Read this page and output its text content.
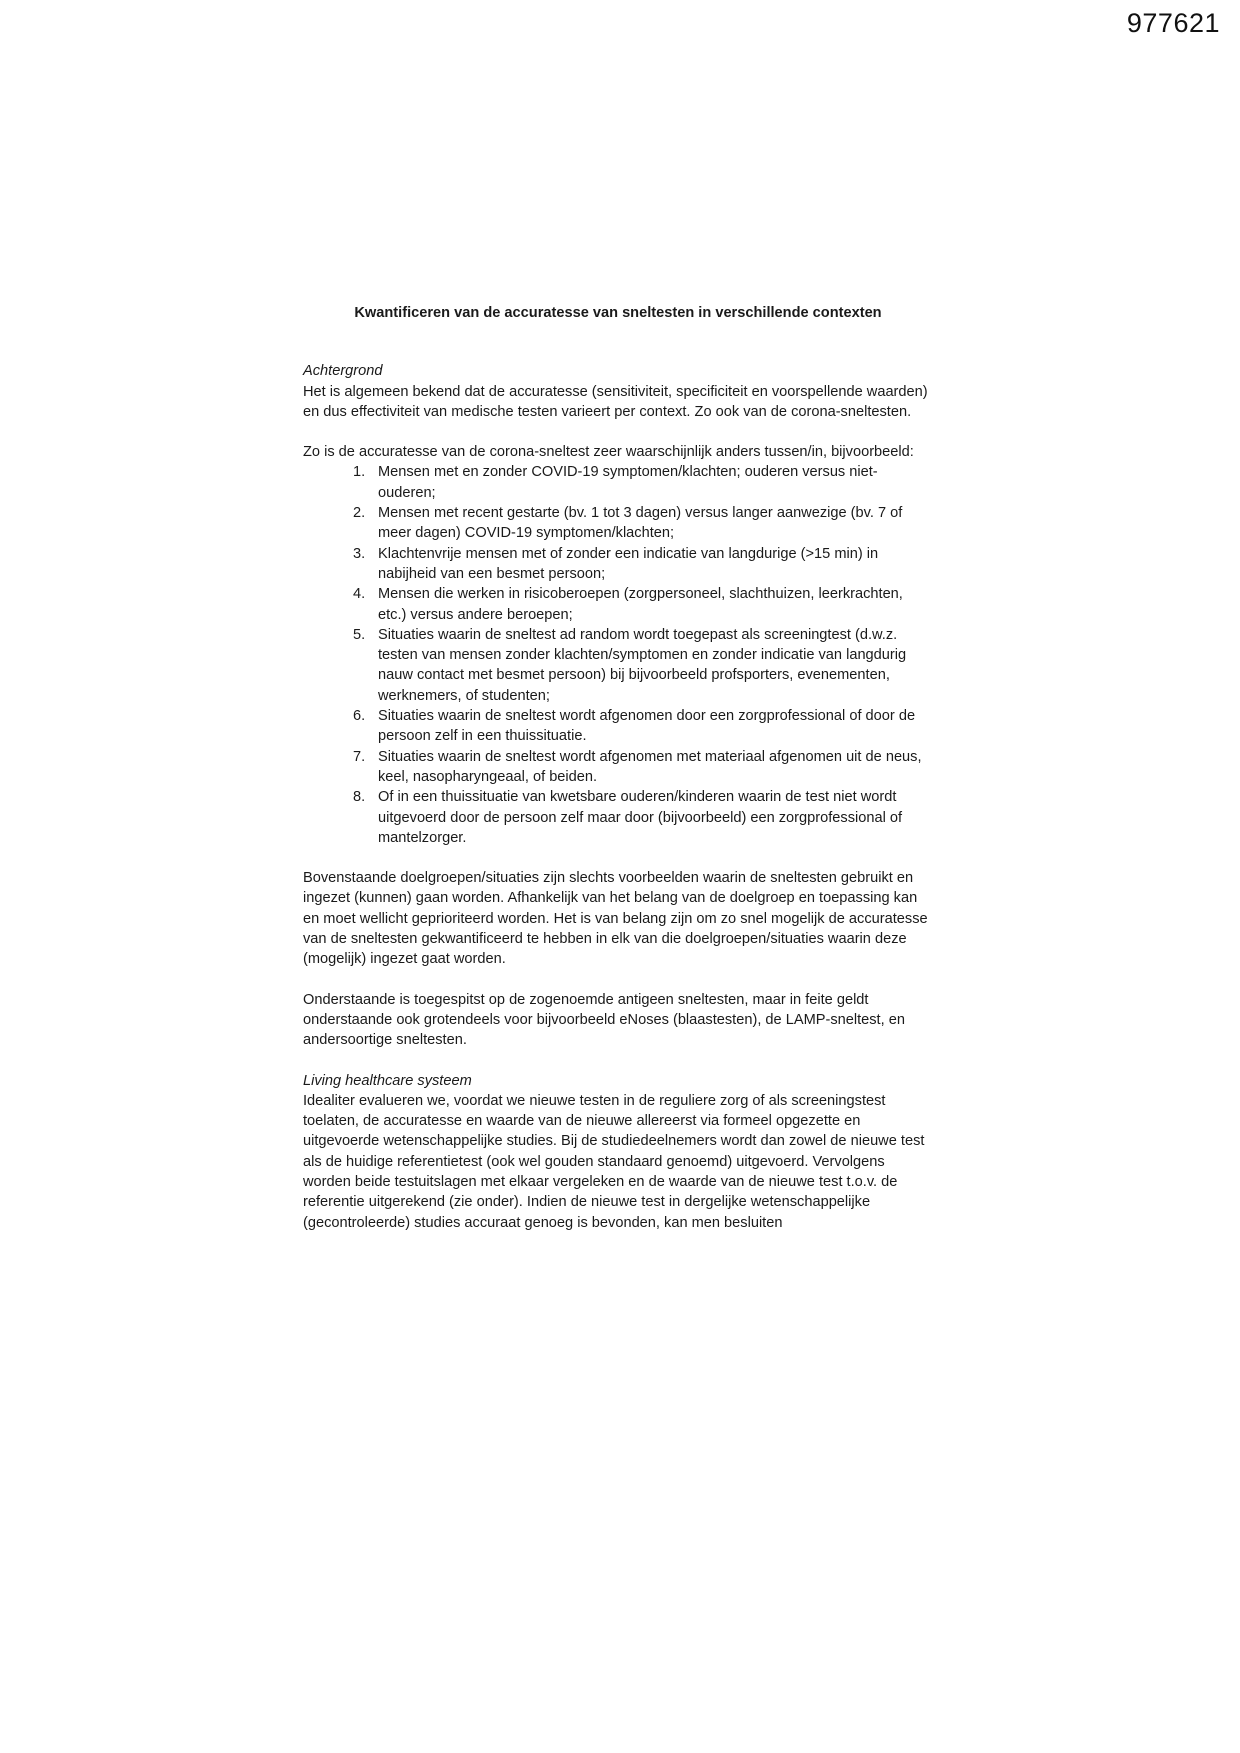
977621

Kwantificeren van de accuratesse van sneltesten in verschillende contexten

Achtergrond

Het is algemeen bekend dat de accuratesse (sensitiviteit, specificiteit en voorspellende waarden) en dus effectiviteit van medische testen varieert per context. Zo ook van de corona-sneltesten.

Zo is de accuratesse van de corona-sneltest zeer waarschijnlijk anders tussen/in, bijvoorbeeld:

1. Mensen met en zonder COVID-19 symptomen/klachten; ouderen versus niet-ouderen;
2. Mensen met recent gestarte (bv. 1 tot 3 dagen) versus langer aanwezige (bv. 7 of meer dagen) COVID-19 symptomen/klachten;
3. Klachtenvrije mensen met of zonder een indicatie van langdurige (>15 min) in nabijheid van een besmet persoon;
4. Mensen die werken in risicoberoepen (zorgpersoneel, slachthuizen, leerkrachten, etc.) versus andere beroepen;
5. Situaties waarin de sneltest ad random wordt toegepast als screeningtest (d.w.z. testen van mensen zonder klachten/symptomen en zonder indicatie van langdurig nauw contact met besmet persoon) bij bijvoorbeeld profsporters, evenementen, werknemers, of studenten;
6. Situaties waarin de sneltest wordt afgenomen door een zorgprofessional of door de persoon zelf in een thuissituatie.
7. Situaties waarin de sneltest wordt afgenomen met materiaal afgenomen uit de neus, keel, nasopharyngeaal, of beiden.
8. Of in een thuissituatie van kwetsbare ouderen/kinderen waarin de test niet wordt uitgevoerd door de persoon zelf maar door (bijvoorbeeld) een zorgprofessional of mantelzorger.

Bovenstaande doelgroepen/situaties zijn slechts voorbeelden waarin de sneltesten gebruikt en ingezet (kunnen) gaan worden. Afhankelijk van het belang van de doelgroep en toepassing kan en moet wellicht geprioriteerd worden. Het is van belang zijn om zo snel mogelijk de accuratesse van de sneltesten gekwantificeerd te hebben in elk van die doelgroepen/situaties waarin deze (mogelijk) ingezet gaat worden.

Onderstaande is toegespitst op de zogenoemde antigeen sneltesten, maar in feite geldt onderstaande ook grotendeels voor bijvoorbeeld eNoses (blaastesten), de LAMP-sneltest, en andersoortige sneltesten.

Living healthcare systeem

Idealiter evalueren we, voordat we nieuwe testen in de reguliere zorg of als screeningstest toelaten, de accuratesse en waarde van de nieuwe allereerst via formeel opgezette en uitgevoerde wetenschappelijke studies. Bij de studiedeelnemers wordt dan zowel de nieuwe test als de huidige referentietest (ook wel gouden standaard genoemd) uitgevoerd. Vervolgens worden beide testuitslagen met elkaar vergeleken en de waarde van de nieuwe test t.o.v. de referentie uitgerekend (zie onder). Indien de nieuwe test in dergelijke wetenschappelijke (gecontroleerde) studies accuraat genoeg is bevonden, kan men besluiten
